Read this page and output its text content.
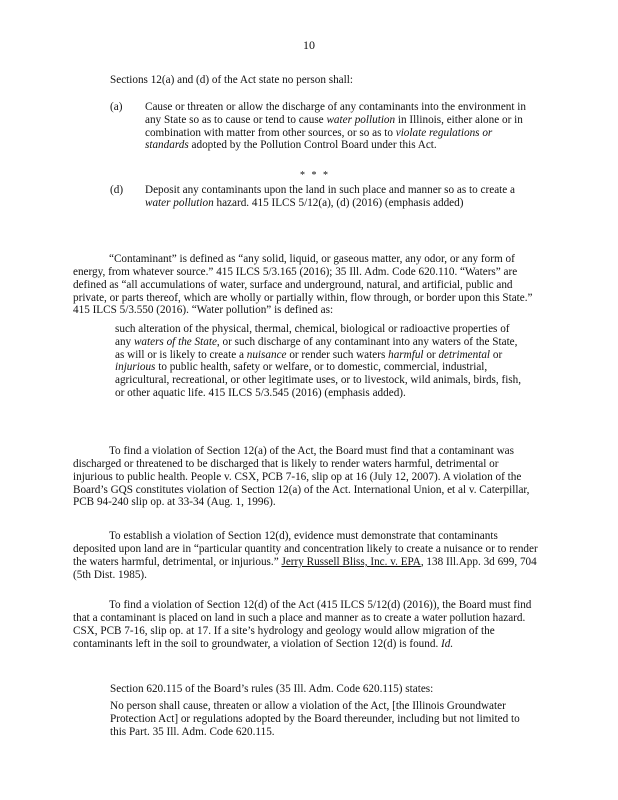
10

Sections 12(a) and (d) of the Act state no person shall:

(a) Cause or threaten or allow the discharge of any contaminants into the environment in any State so as to cause or tend to cause water pollution in Illinois, either alone or in combination with matter from other sources, or so as to violate regulations or standards adopted by the Pollution Control Board under this Act.
* * *
(d) Deposit any contaminants upon the land in such place and manner so as to create a water pollution hazard. 415 ILCS 5/12(a), (d) (2016) (emphasis added)

“Contaminant” is defined as “any solid, liquid, or gaseous matter, any odor, or any form of energy, from whatever source.” 415 ILCS 5/3.165 (2016); 35 Ill. Adm. Code 620.110. “Waters” are defined as “all accumulations of water, surface and underground, natural, and artificial, public and private, or parts thereof, which are wholly or partially within, flow through, or border upon this State.” 415 ILCS 5/3.550 (2016). “Water pollution” is defined as:

such alteration of the physical, thermal, chemical, biological or radioactive properties of any waters of the State, or such discharge of any contaminant into any waters of the State, as will or is likely to create a nuisance or render such waters harmful or detrimental or injurious to public health, safety or welfare, or to domestic, commercial, industrial, agricultural, recreational, or other legitimate uses, or to livestock, wild animals, birds, fish, or other aquatic life. 415 ILCS 5/3.545 (2016) (emphasis added).

To find a violation of Section 12(a) of the Act, the Board must find that a contaminant was discharged or threatened to be discharged that is likely to render waters harmful, detrimental or injurious to public health. People v. CSX, PCB 7-16, slip op at 16 (July 12, 2007). A violation of the Board’s GQS constitutes violation of Section 12(a) of the Act. International Union, et al v. Caterpillar, PCB 94-240 slip op. at 33-34 (Aug. 1, 1996).

To establish a violation of Section 12(d), evidence must demonstrate that contaminants deposited upon land are in “particular quantity and concentration likely to create a nuisance or to render the waters harmful, detrimental, or injurious.” Jerry Russell Bliss, Inc. v. EPA, 138 Ill.App. 3d 699, 704 (5th Dist. 1985).

To find a violation of Section 12(d) of the Act (415 ILCS 5/12(d) (2016)), the Board must find that a contaminant is placed on land in such a place and manner as to create a water pollution hazard. CSX, PCB 7-16, slip op. at 17. If a site’s hydrology and geology would allow migration of the contaminants left in the soil to groundwater, a violation of Section 12(d) is found. Id.

Section 620.115 of the Board’s rules (35 Ill. Adm. Code 620.115) states:

No person shall cause, threaten or allow a violation of the Act, [the Illinois Groundwater Protection Act] or regulations adopted by the Board thereunder, including but not limited to this Part. 35 Ill. Adm. Code 620.115.
